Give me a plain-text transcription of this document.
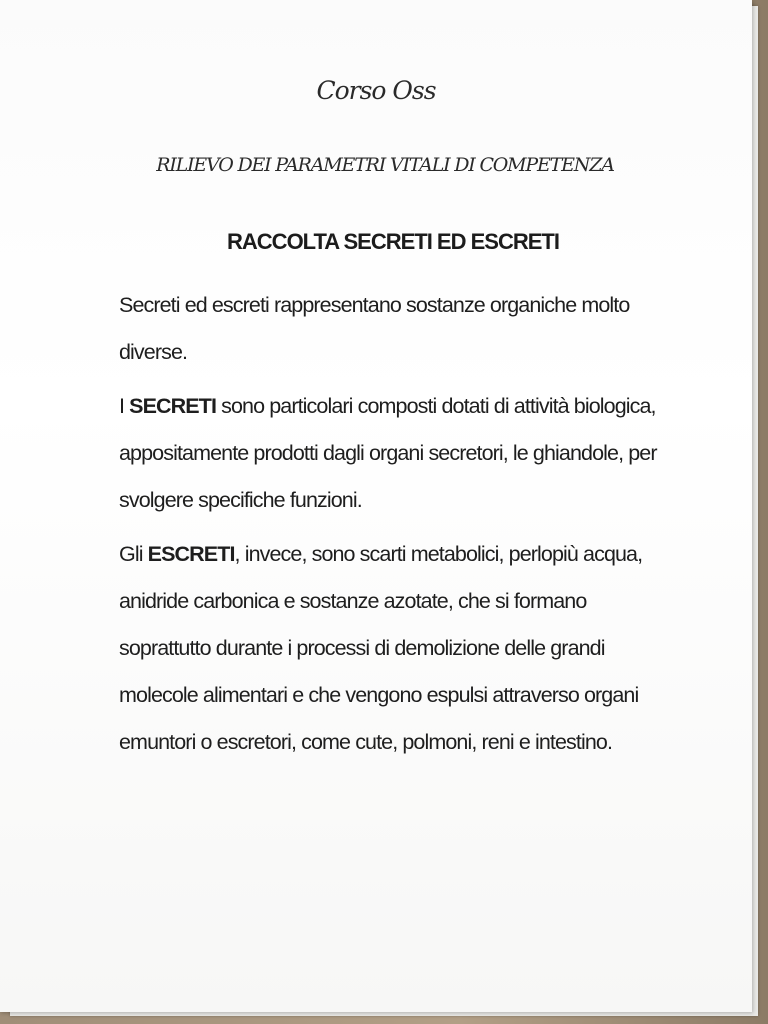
Corso Oss
RILIEVO DEI PARAMETRI VITALI DI COMPETENZA
RACCOLTA SECRETI ED ESCRETI

Secreti ed escreti rappresentano sostanze organiche molto
diverse.

I SECRETI sono particolari composti dotati di attività biologica,
appositamente prodotti dagli organi secretori, le ghiandole, per
svolgere specifiche funzioni.

Gli ESCRETI, invece, sono scarti metabolici, perlopiù acqua,
anidride carbonica e sostanze azotate, che si formano
soprattutto durante i processi di demolizione delle grandi
molecole alimentari e che vengono espulsi attraverso organi
emuntori o escretori, come cute, polmoni, reni e intestino.
